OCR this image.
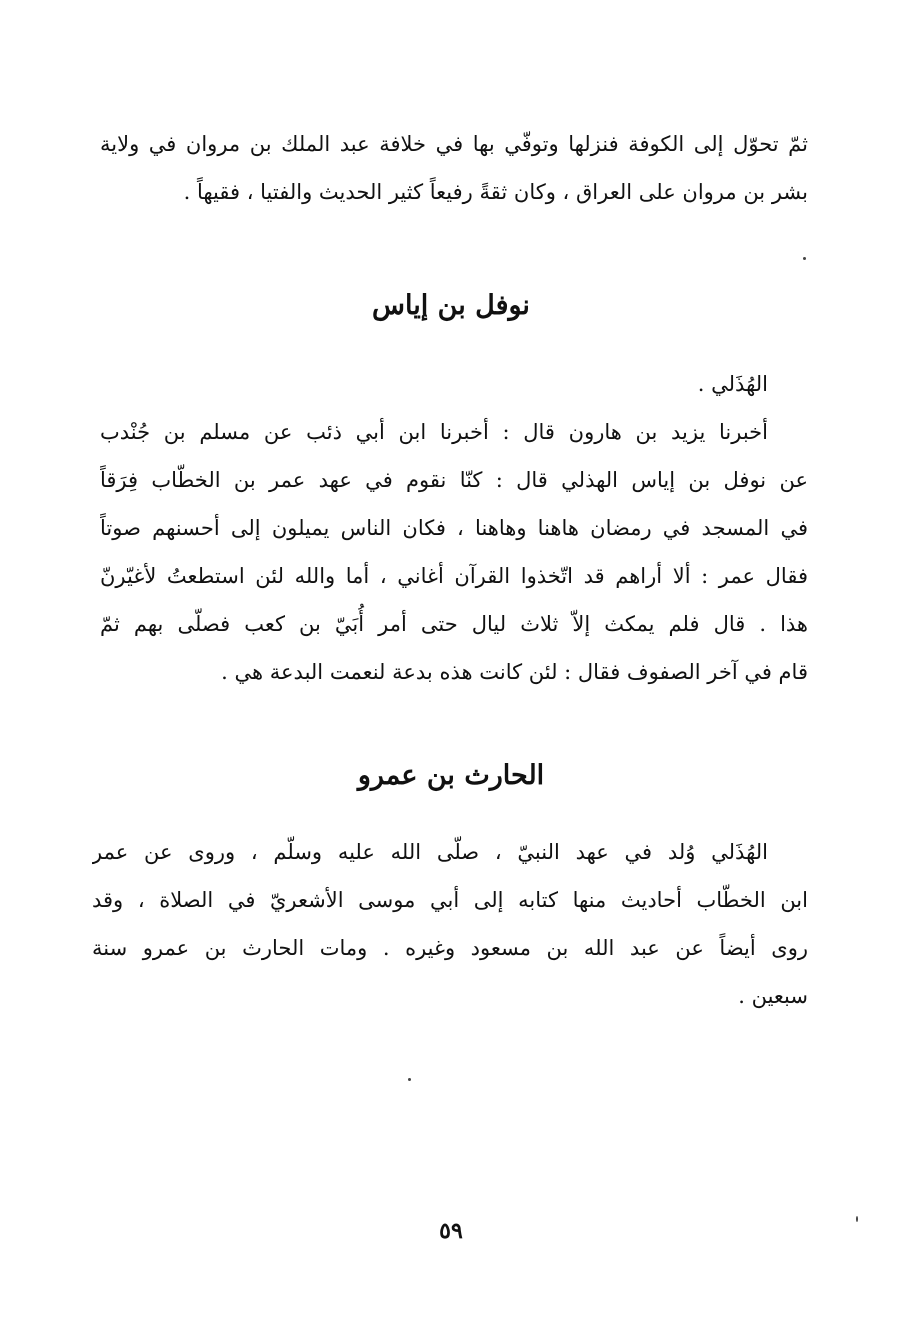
ثمّ تحوّل إلى الكوفة فنزلها وتوفّي بها في خلافة عبد الملك بن مروان في ولاية
بشر بن مروان على العراق ، وكان ثقةً رفيعاً كثير الحديث والفتيا ، فقيهاً .
نوفل بن إياس
الهُذَلي .
أخبرنا يزيد بن هارون قال : أخبرنا ابن أبي ذئب عن مسلم بن جُنْدب
عن نوفل بن إياس الهذلي قال : كنّا نقوم في عهد عمر بن الخطّاب فِرَقاً
في المسجد في رمضان هاهنا وهاهنا ، فكان الناس يميلون إلى أحسنهم صوتاً
فقال عمر : ألا أراهم قد اتّخذوا القرآن أغاني ، أما والله لئن استطعتُ لأغيّرنّ
هذا . قال فلم يمكث إلاّ ثلاث ليال حتى أمر أُبَيّ بن كعب فصلّى بهم ثمّ
قام في آخر الصفوف فقال : لئن كانت هذه بدعة لنعمت البدعة هي .
الحارث بن عمرو
الهُذَلي وُلد في عهد النبيّ ، صلّى الله عليه وسلّم ، وروى عن عمر
ابن الخطّاب أحاديث منها كتابه إلى أبي موسى الأشعريّ في الصلاة ، وقد
روى أيضاً عن عبد الله بن مسعود وغيره . ومات الحارث بن عمرو سنة
سبعين .
٥٩
